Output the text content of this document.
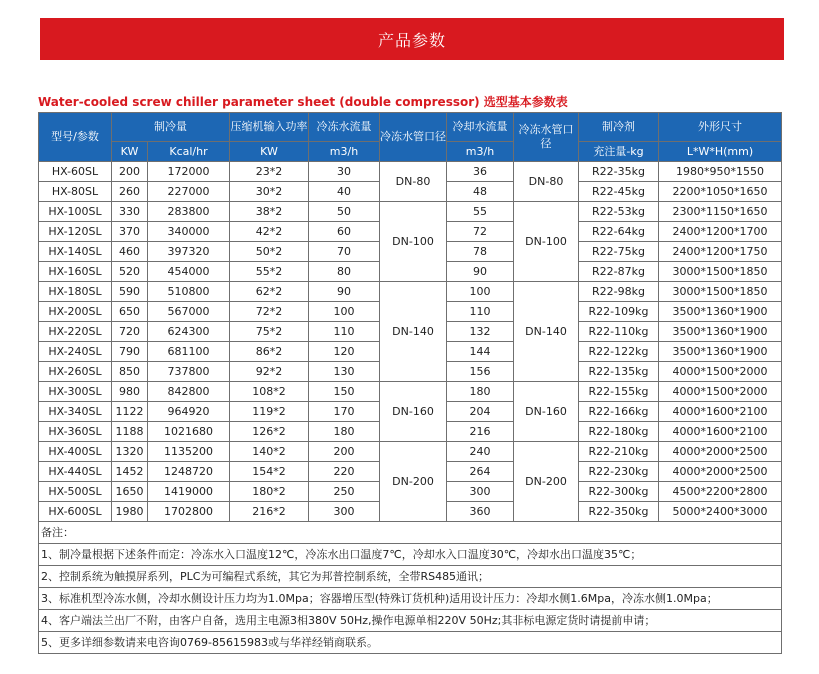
产品参数
Water-cooled screw chiller parameter sheet (double compressor) 选型基本参数表
型号/参数	制冷量		压缩机输入功率	冷冻水流量	冷冻水管口径	冷却水流量	冷冻水管口径	制冷剂	外形尺寸
	KW	Kcal/hr	KW	m3/h		m3/h		充注量-kg	L*W*H(mm)
HX-60SL	200	172000	23*2	30	DN-80	36	DN-80	R22-35kg	1980*950*1550
HX-80SL	260	227000	30*2	40		48		R22-45kg	2200*1050*1650
HX-100SL	330	283800	38*2	50	DN-100	55	DN-100	R22-53kg	2300*1150*1650
HX-120SL	370	340000	42*2	60		72		R22-64kg	2400*1200*1700
HX-140SL	460	397320	50*2	70		78		R22-75kg	2400*1200*1750
HX-160SL	520	454000	55*2	80		90		R22-87kg	3000*1500*1850
HX-180SL	590	510800	62*2	90	DN-140	100	DN-140	R22-98kg	3000*1500*1850
HX-200SL	650	567000	72*2	100		110		R22-109kg	3500*1360*1900
HX-220SL	720	624300	75*2	110		132		R22-110kg	3500*1360*1900
HX-240SL	790	681100	86*2	120		144		R22-122kg	3500*1360*1900
HX-260SL	850	737800	92*2	130		156		R22-135kg	4000*1500*2000
HX-300SL	980	842800	108*2	150	DN-160	180	DN-160	R22-155kg	4000*1500*2000
HX-340SL	1122	964920	119*2	170		204		R22-166kg	4000*1600*2100
HX-360SL	1188	1021680	126*2	180		216		R22-180kg	4000*1600*2100
HX-400SL	1320	1135200	140*2	200	DN-200	240	DN-200	R22-210kg	4000*2000*2500
HX-440SL	1452	1248720	154*2	220		264		R22-230kg	4000*2000*2500
HX-500SL	1650	1419000	180*2	250		300		R22-300kg	4500*2200*2800
HX-600SL	1980	1702800	216*2	300		360		R22-350kg	5000*2400*3000
备注：									
1、制冷量根据下述条件而定：冷冻水入口温度12℃，冷冻水出口温度7℃，冷却水入口温度30℃，冷却水出口温度35℃；									
2、控制系统为触摸屏系列，PLC为可编程式系统，其它为邦普控制系统，全带RS485通讯；									
3、标准机型冷冻水侧，冷却水侧设计压力均为1.0Mpa；容器增压型(特殊订货机种)适用设计压力：冷却水侧1.6Mpa，冷冻水侧1.0Mpa；									
4、客户端法兰出厂不附，由客户自备，选用主电源3相380V 50Hz,操作电源单相220V 50Hz;其非标电源定货时请提前申请；									
5、更多详细参数请来电咨询0769-85615983或与华祥经销商联系。									
